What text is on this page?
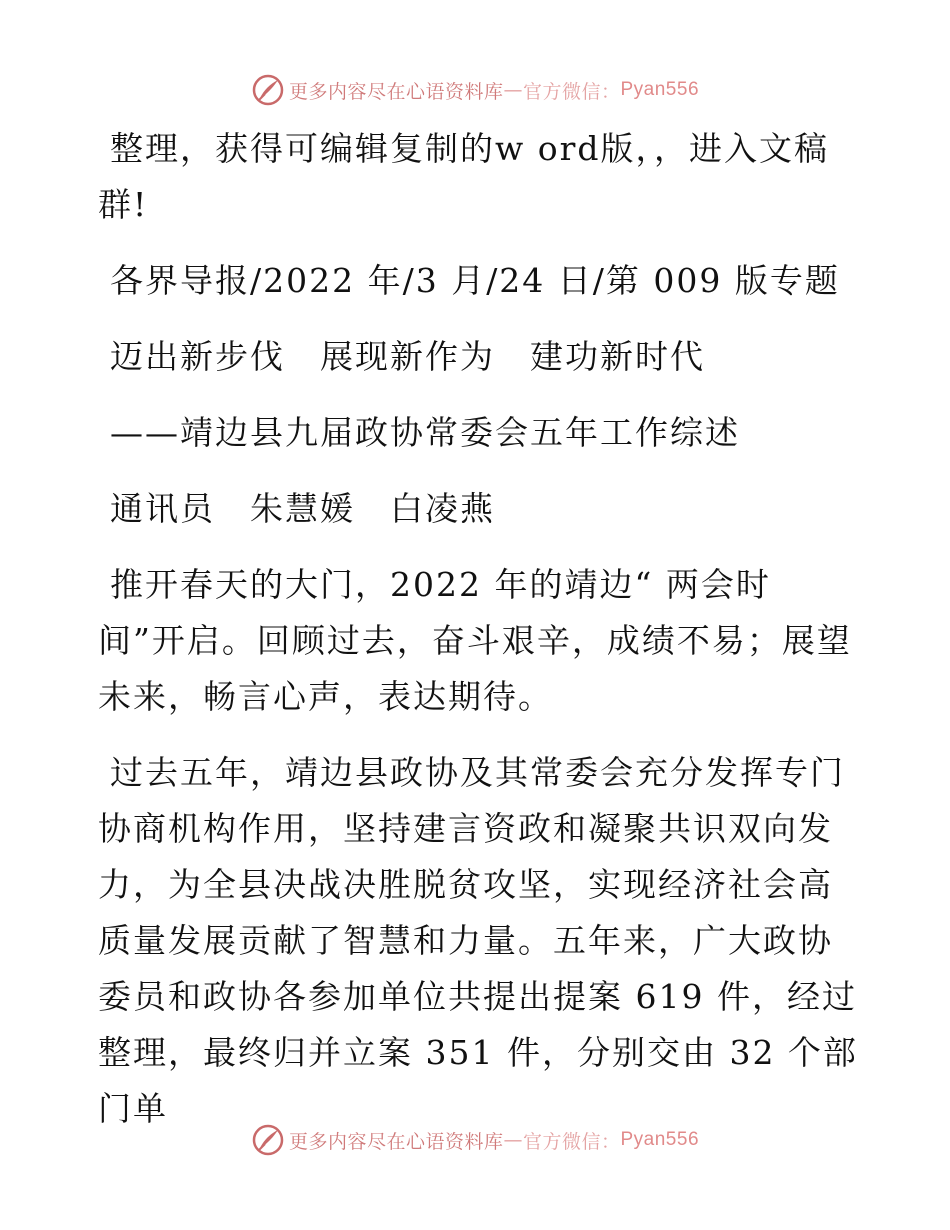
更多内容尽在心语资料库 — 官方微信： Pyan556

整理，获得可编辑复制的w ord版，，进入文稿群!

各界导报/2022 年/3 月/24 日/第 009 版专题

迈出新步伐　展现新作为　建功新时代

——靖边县九届政协常委会五年工作综述

通讯员　朱慧媛　白凌燕

推开春天的大门，2022 年的靖边“ 两会时间”开启。回顾过去，奋斗艰辛，成绩不易；展望未来，畅言心声，表达期待。

过去五年，靖边县政协及其常委会充分发挥专门协商机构作用，坚持建言资政和凝聚共识双向发力，为全县决战决胜脱贫攻坚，实现经济社会高质量发展贡献了智慧和力量。五年来，广大政协委员和政协各参加单位共提出提案 619 件，经过整理，最终归并立案 351 件，分别交由 32 个部门单

更多内容尽在心语资料库 — 官方微信： Pyan556
